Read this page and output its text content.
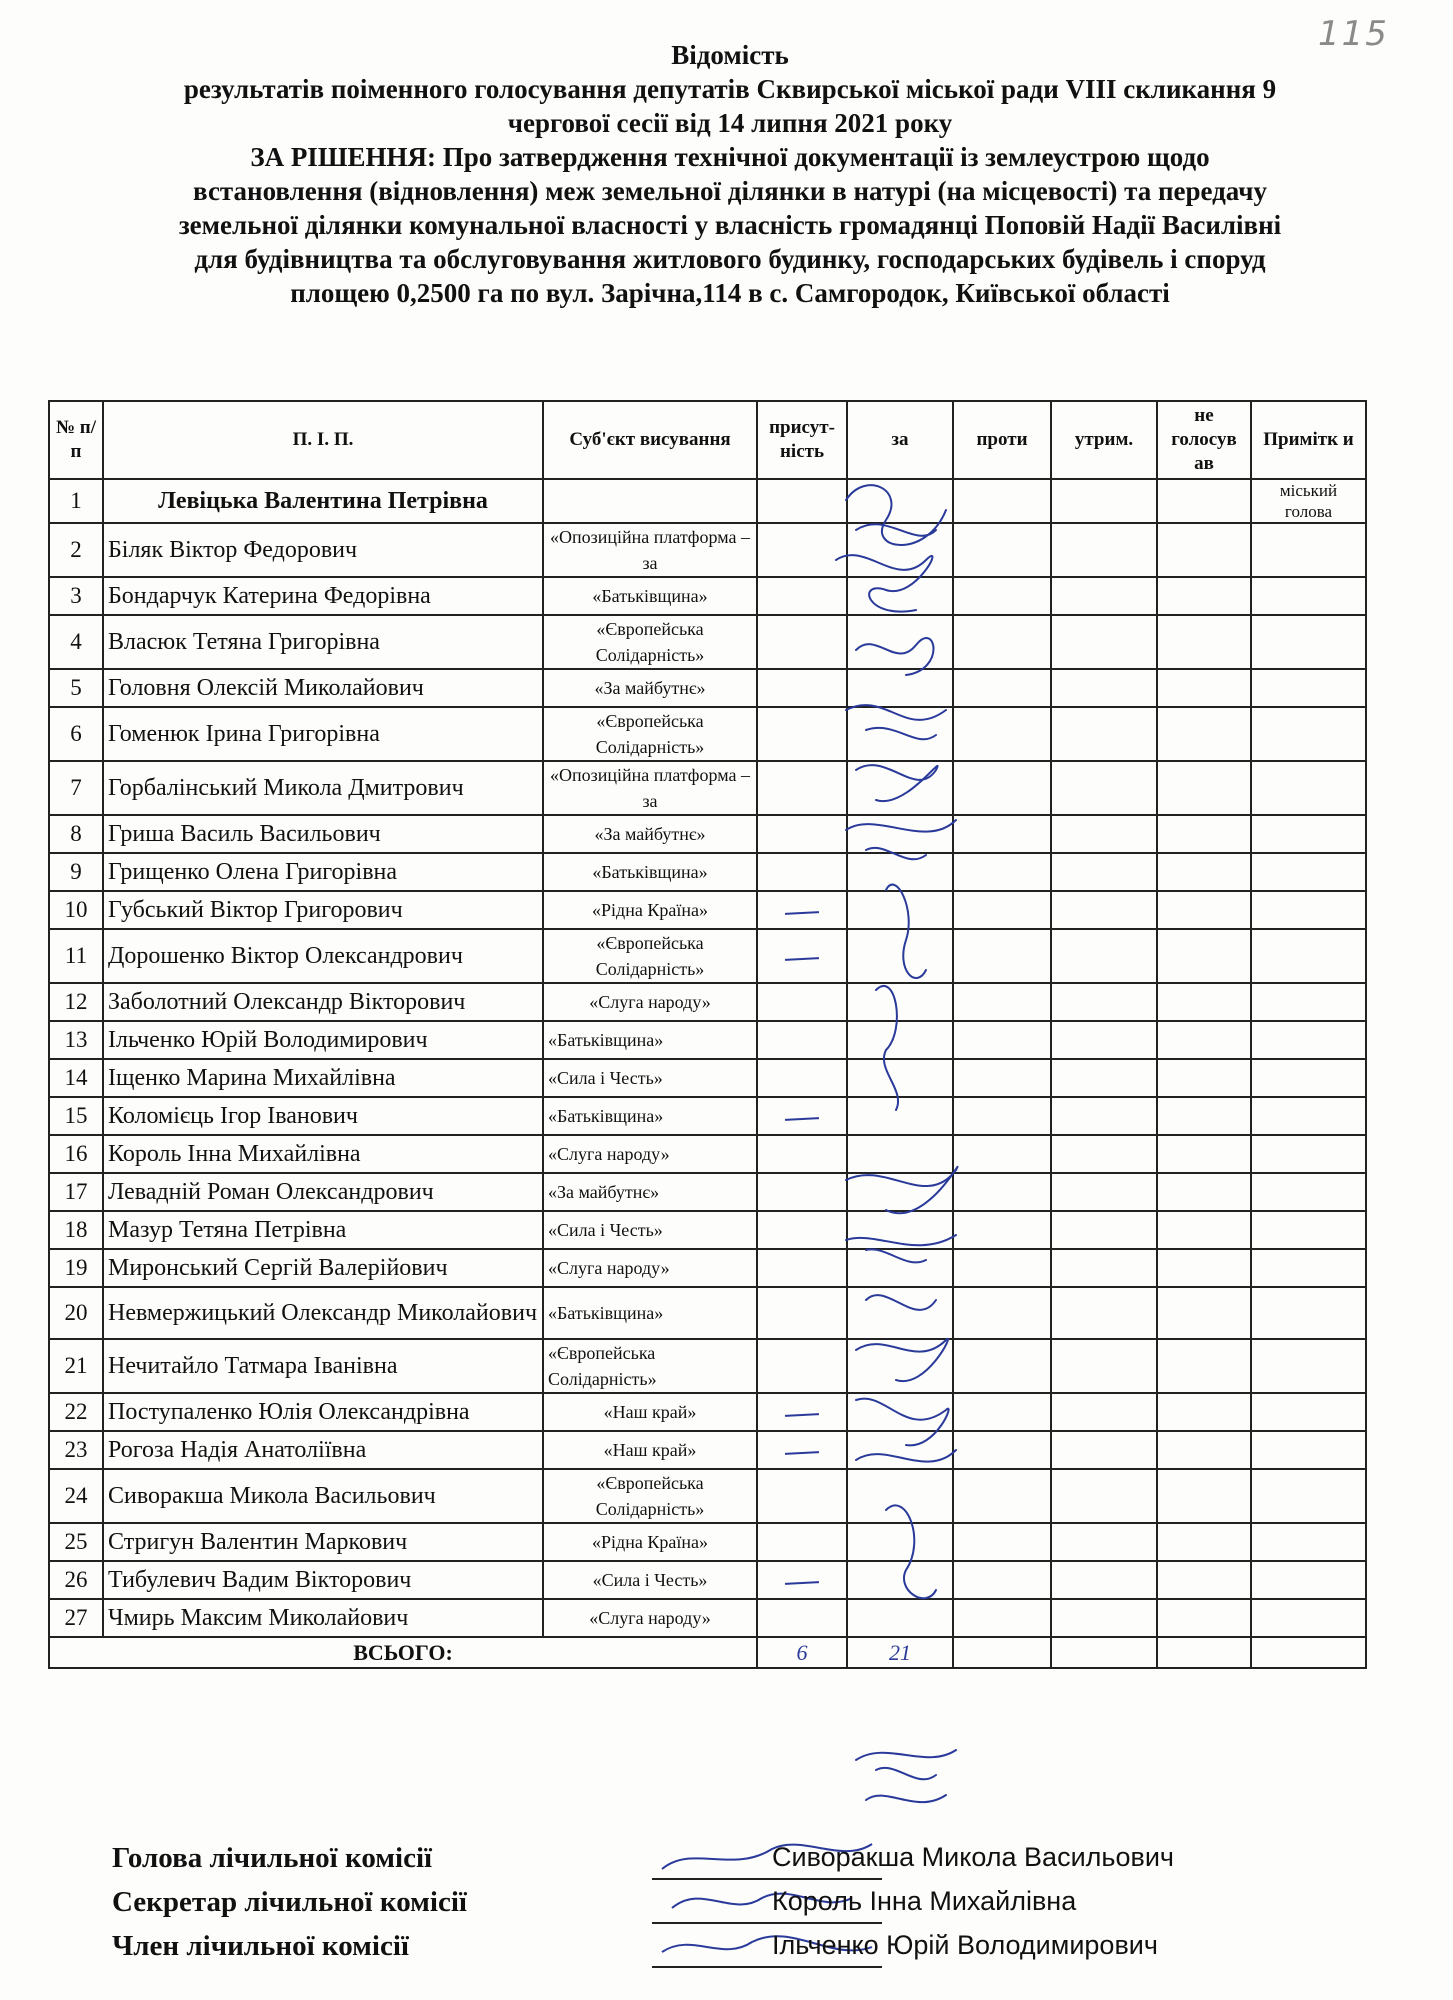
115
Відомість
результатів поіменного голосування депутатів Сквирської міської ради VIII скликання 9
чергової сесії від 14 липня 2021 року
ЗА РІШЕННЯ: Про затвердження технічної документації із землеустрою щодо
встановлення (відновлення) меж земельної ділянки в натурі (на місцевості) та передачу
земельної ділянки комунальної власності у власність громадянці Поповій Надії Василівні
для будівництва та обслуговування житлового будинку, господарських будівель і споруд
площею 0,2500 га по вул. Зарічна,114 в с. Самгородок, Київської області
№ п/п	П. І. П.	Суб'єкт висування	присут-ність	за	проти	утрим.	не голосув ав	Примітк и
1	Левіцька Валентина Петрівна							міський голова
2	Біляк Віктор Федорович	«Опозиційна платформа – за						
3	Бондарчук Катерина Федорівна	«Батьківщина»						
4	Власюк Тетяна Григорівна	«Європейська Солідарність»						
5	Головня Олексій Миколайович	«За майбутнє»						
6	Гоменюк Ірина Григорівна	«Європейська Солідарність»						
7	Горбалінський Микола Дмитрович	«Опозиційна платформа – за						
8	Гриша Василь Васильович	«За майбутнє»						
9	Грищенко Олена Григорівна	«Батьківщина»						
10	Губський Віктор Григорович	«Рідна Країна»						
11	Дорошенко Віктор Олександрович	«Європейська Солідарність»						
12	Заболотний Олександр Вікторович	«Слуга народу»						
13	Ільченко Юрій Володимирович	«Батьківщина»						
14	Іщенко Марина Михайлівна	«Сила і Честь»						
15	Коломієць Ігор Іванович	«Батьківщина»						
16	Король Інна Михайлівна	«Слуга народу»						
17	Левадній Роман Олександрович	«За майбутнє»						
18	Мазур Тетяна Петрівна	«Сила і Честь»						
19	Миронський Сергій Валерійович	«Слуга народу»						
20	Невмержицький Олександр Миколайович	«Батьківщина»						
21	Нечитайло Татмара Іванівна	«Європейська Солідарність»						
22	Поступаленко Юлія Олександрівна	«Наш край»						
23	Рогоза Надія Анатоліївна	«Наш край»						
24	Сиворакша Микола Васильович	«Європейська Солідарність»						
25	Стригун Валентин Маркович	«Рідна Країна»						
26	Тибулевич Вадим Вікторович	«Сила і Честь»						
27	Чмирь Максим Миколайович	«Слуга народу»						
ВСЬОГО:			6	21				
Голова лічильної комісії	Сиворакша Микола Васильович
Секретар лічильної комісії	Король Інна Михайлівна
Член лічильної комісії	Ільченко Юрій Володимирович
